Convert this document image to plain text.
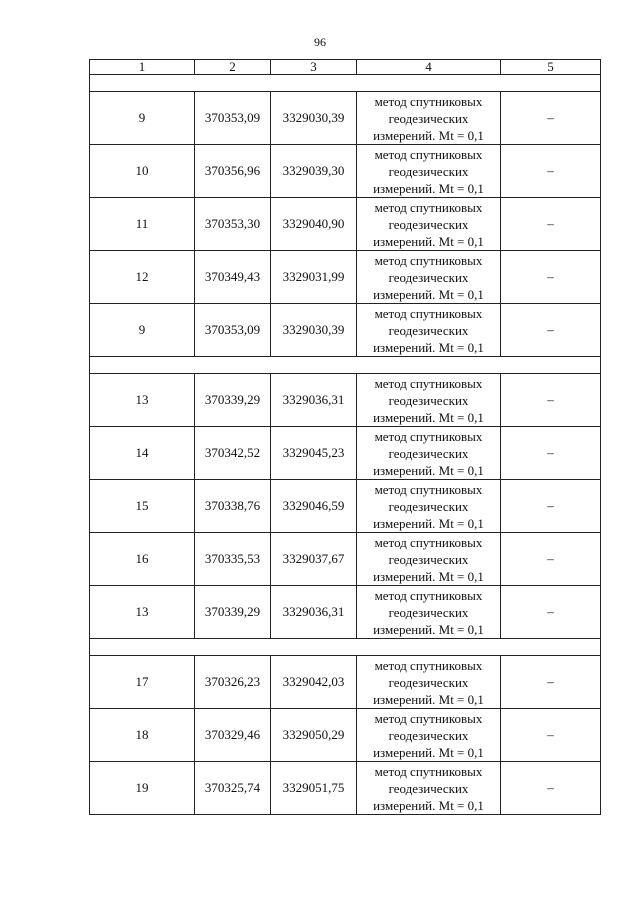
96
1	2	3	4	5

9	370353,09	3329030,39	метод спутниковых
геодезических
измерений. Mt = 0,1	–
10	370356,96	3329039,30	метод спутниковых
геодезических
измерений. Mt = 0,1	–
11	370353,30	3329040,90	метод спутниковых
геодезических
измерений. Mt = 0,1	–
12	370349,43	3329031,99	метод спутниковых
геодезических
измерений. Mt = 0,1	–
9	370353,09	3329030,39	метод спутниковых
геодезических
измерений. Mt = 0,1	–

13	370339,29	3329036,31	метод спутниковых
геодезических
измерений. Mt = 0,1	–
14	370342,52	3329045,23	метод спутниковых
геодезических
измерений. Mt = 0,1	–
15	370338,76	3329046,59	метод спутниковых
геодезических
измерений. Mt = 0,1	–
16	370335,53	3329037,67	метод спутниковых
геодезических
измерений. Mt = 0,1	–
13	370339,29	3329036,31	метод спутниковых
геодезических
измерений. Mt = 0,1	–

17	370326,23	3329042,03	метод спутниковых
геодезических
измерений. Mt = 0,1	–
18	370329,46	3329050,29	метод спутниковых
геодезических
измерений. Mt = 0,1	–
19	370325,74	3329051,75	метод спутниковых
геодезических
измерений. Mt = 0,1	–
